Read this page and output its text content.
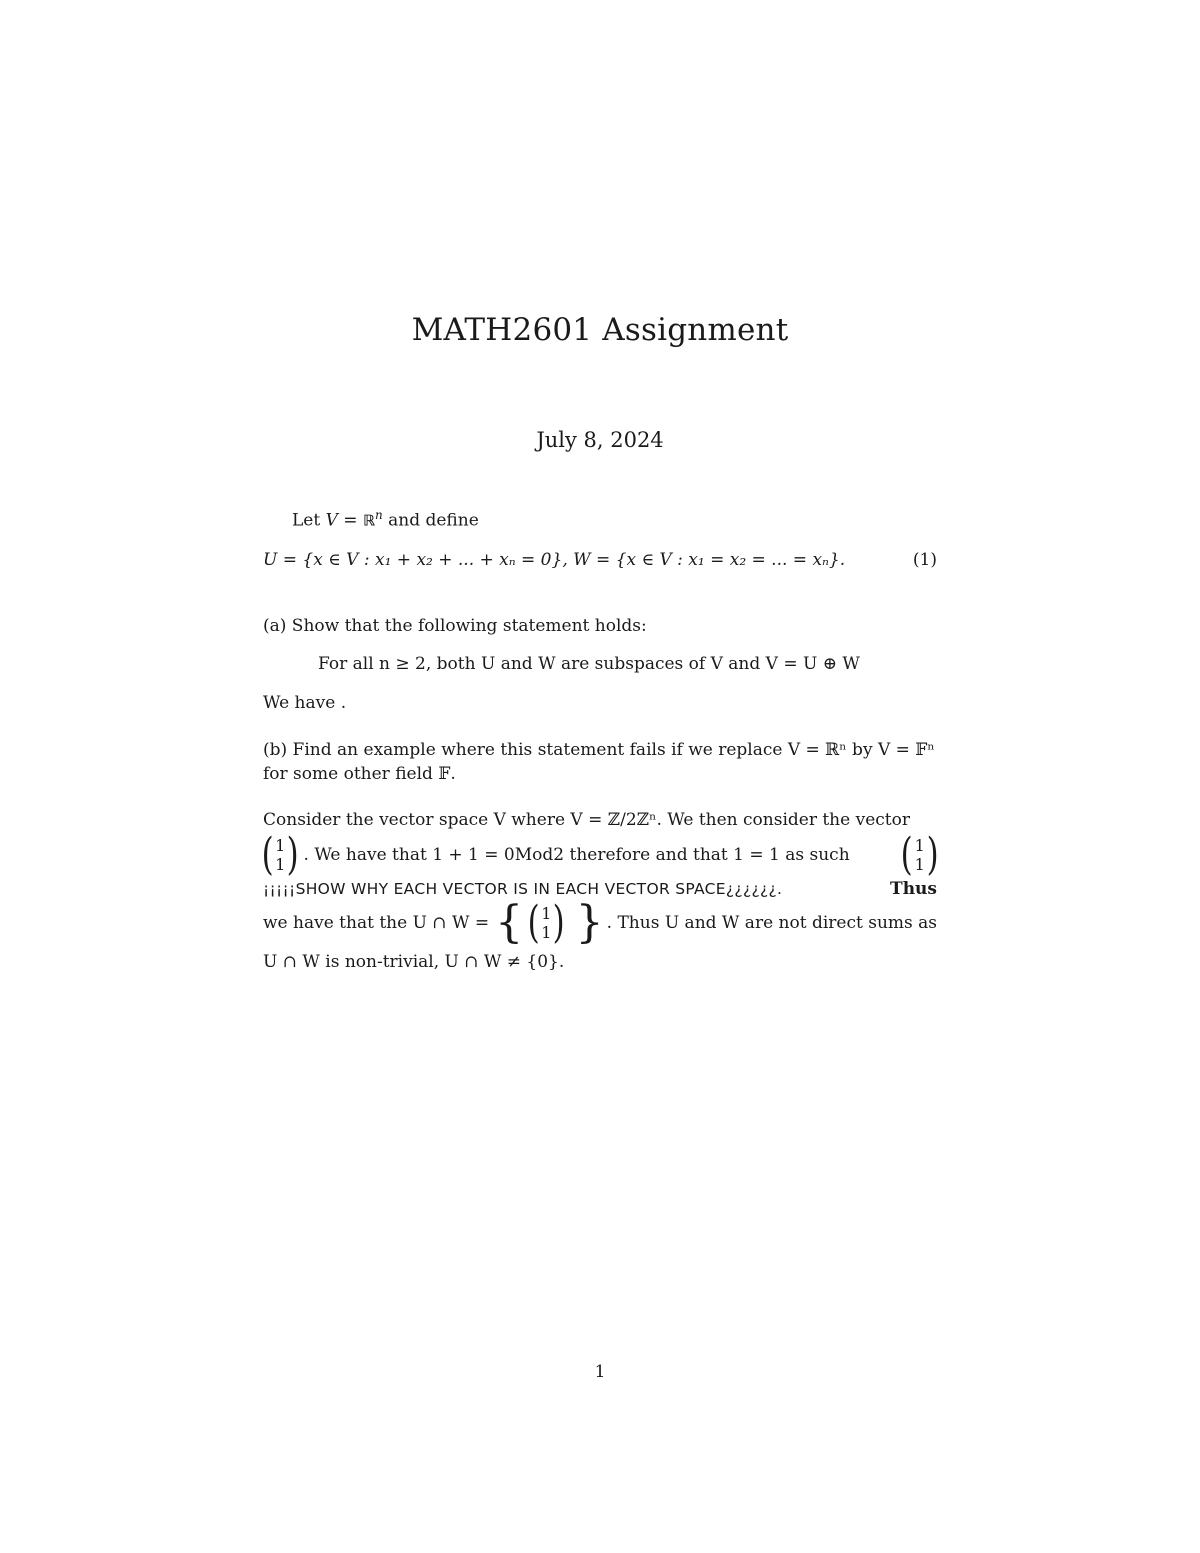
MATH2601 Assignment
July 8, 2024
Let V = ℝ$^n$ and define
U = {x ∈ V : x₁ + x₂ + ... + xₙ = 0}, W = {x ∈ V : x₁ = x₂ = ... = xₙ}.	(1)
(a) Show that the following statement holds:
For all n ≥ 2, both U and W are subspaces of V and V = U ⊕ W
We have .
(b) Find an example where this statement fails if we replace V = ℝⁿ by V = 𝔽ⁿ
for some other field 𝔽.
Consider the vector space V where V = ℤ/2ℤⁿ. We then consider the vector
( 1
1 ) . We have that 1 + 1 = 0Mod2 therefore and that 1 = 1 as such	( 1
1 )
¡¡¡¡¡SHOW WHY EACH VECTOR IS IN EACH VECTOR SPACE¿¿¿¿¿¿.	Thus
we have that the U ∩ W = { ( 1
1 ) } . Thus U and W are not direct sums as
U ∩ W is non-trivial, U ∩ W ≠ {0}.
1
